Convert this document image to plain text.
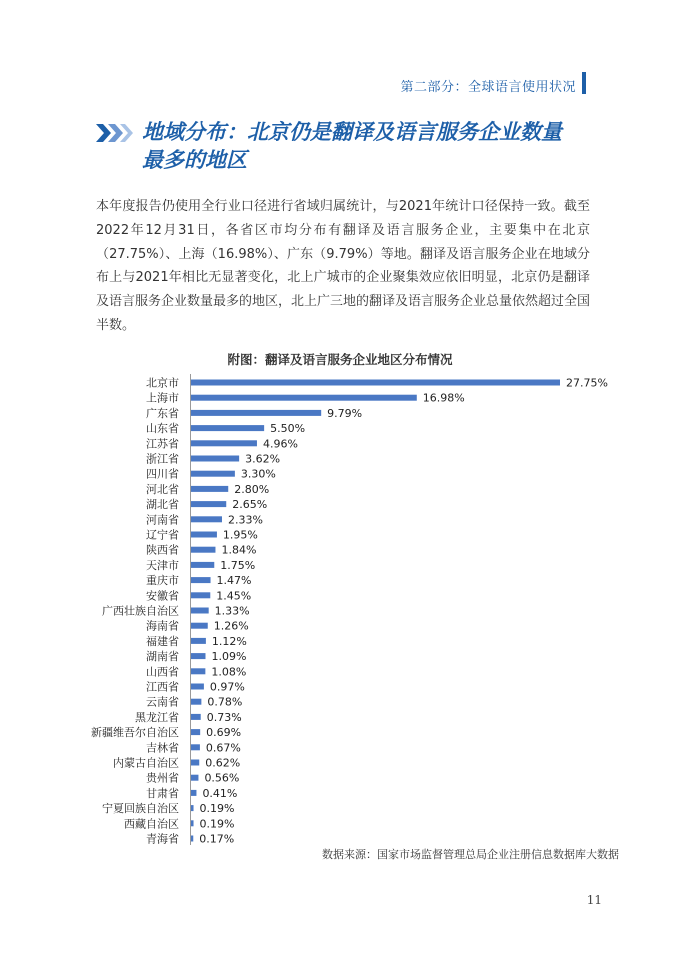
第二部分：全球语言使用状况
地域分布：北京仍是翻译及语言服务企业数量最多的地区

本年度报告仍使用全行业口径进行省域归属统计，与2021年统计口径保持一致。截至2022年12月31日，各省区市均分布有翻译及语言服务企业，主要集中在北京（27.75%）、上海（16.98%）、广东（9.79%）等地。翻译及语言服务企业在地域分布上与2021年相比无显著变化，北上广城市的企业聚集效应依旧明显，北京仍是翻译及语言服务企业数量最多的地区，北上广三地的翻译及语言服务企业总量依然超过全国半数。

附图：翻译及语言服务企业地区分布情况
北京市	27.75%
上海市	16.98%
广东省	9.79%
山东省	5.50%
江苏省	4.96%
浙江省	3.62%
四川省	3.30%
河北省	2.80%
湖北省	2.65%
河南省	2.33%
辽宁省	1.95%
陕西省	1.84%
天津市	1.75%
重庆市	1.47%
安徽省	1.45%
广西壮族自治区	1.33%
海南省	1.26%
福建省	1.12%
湖南省	1.09%
山西省	1.08%
江西省	0.97%
云南省	0.78%
黑龙江省	0.73%
新疆维吾尔自治区 0.69%
吉林省 0.67%
内蒙古自治区 0.62%
贵州省 0.56%
甘肃省 0.41%
宁夏回族自治区 0.19%
西藏自治区 0.19%
青海省 0.17%
数据来源：国家市场监督管理总局企业注册信息数据库大数据
11
